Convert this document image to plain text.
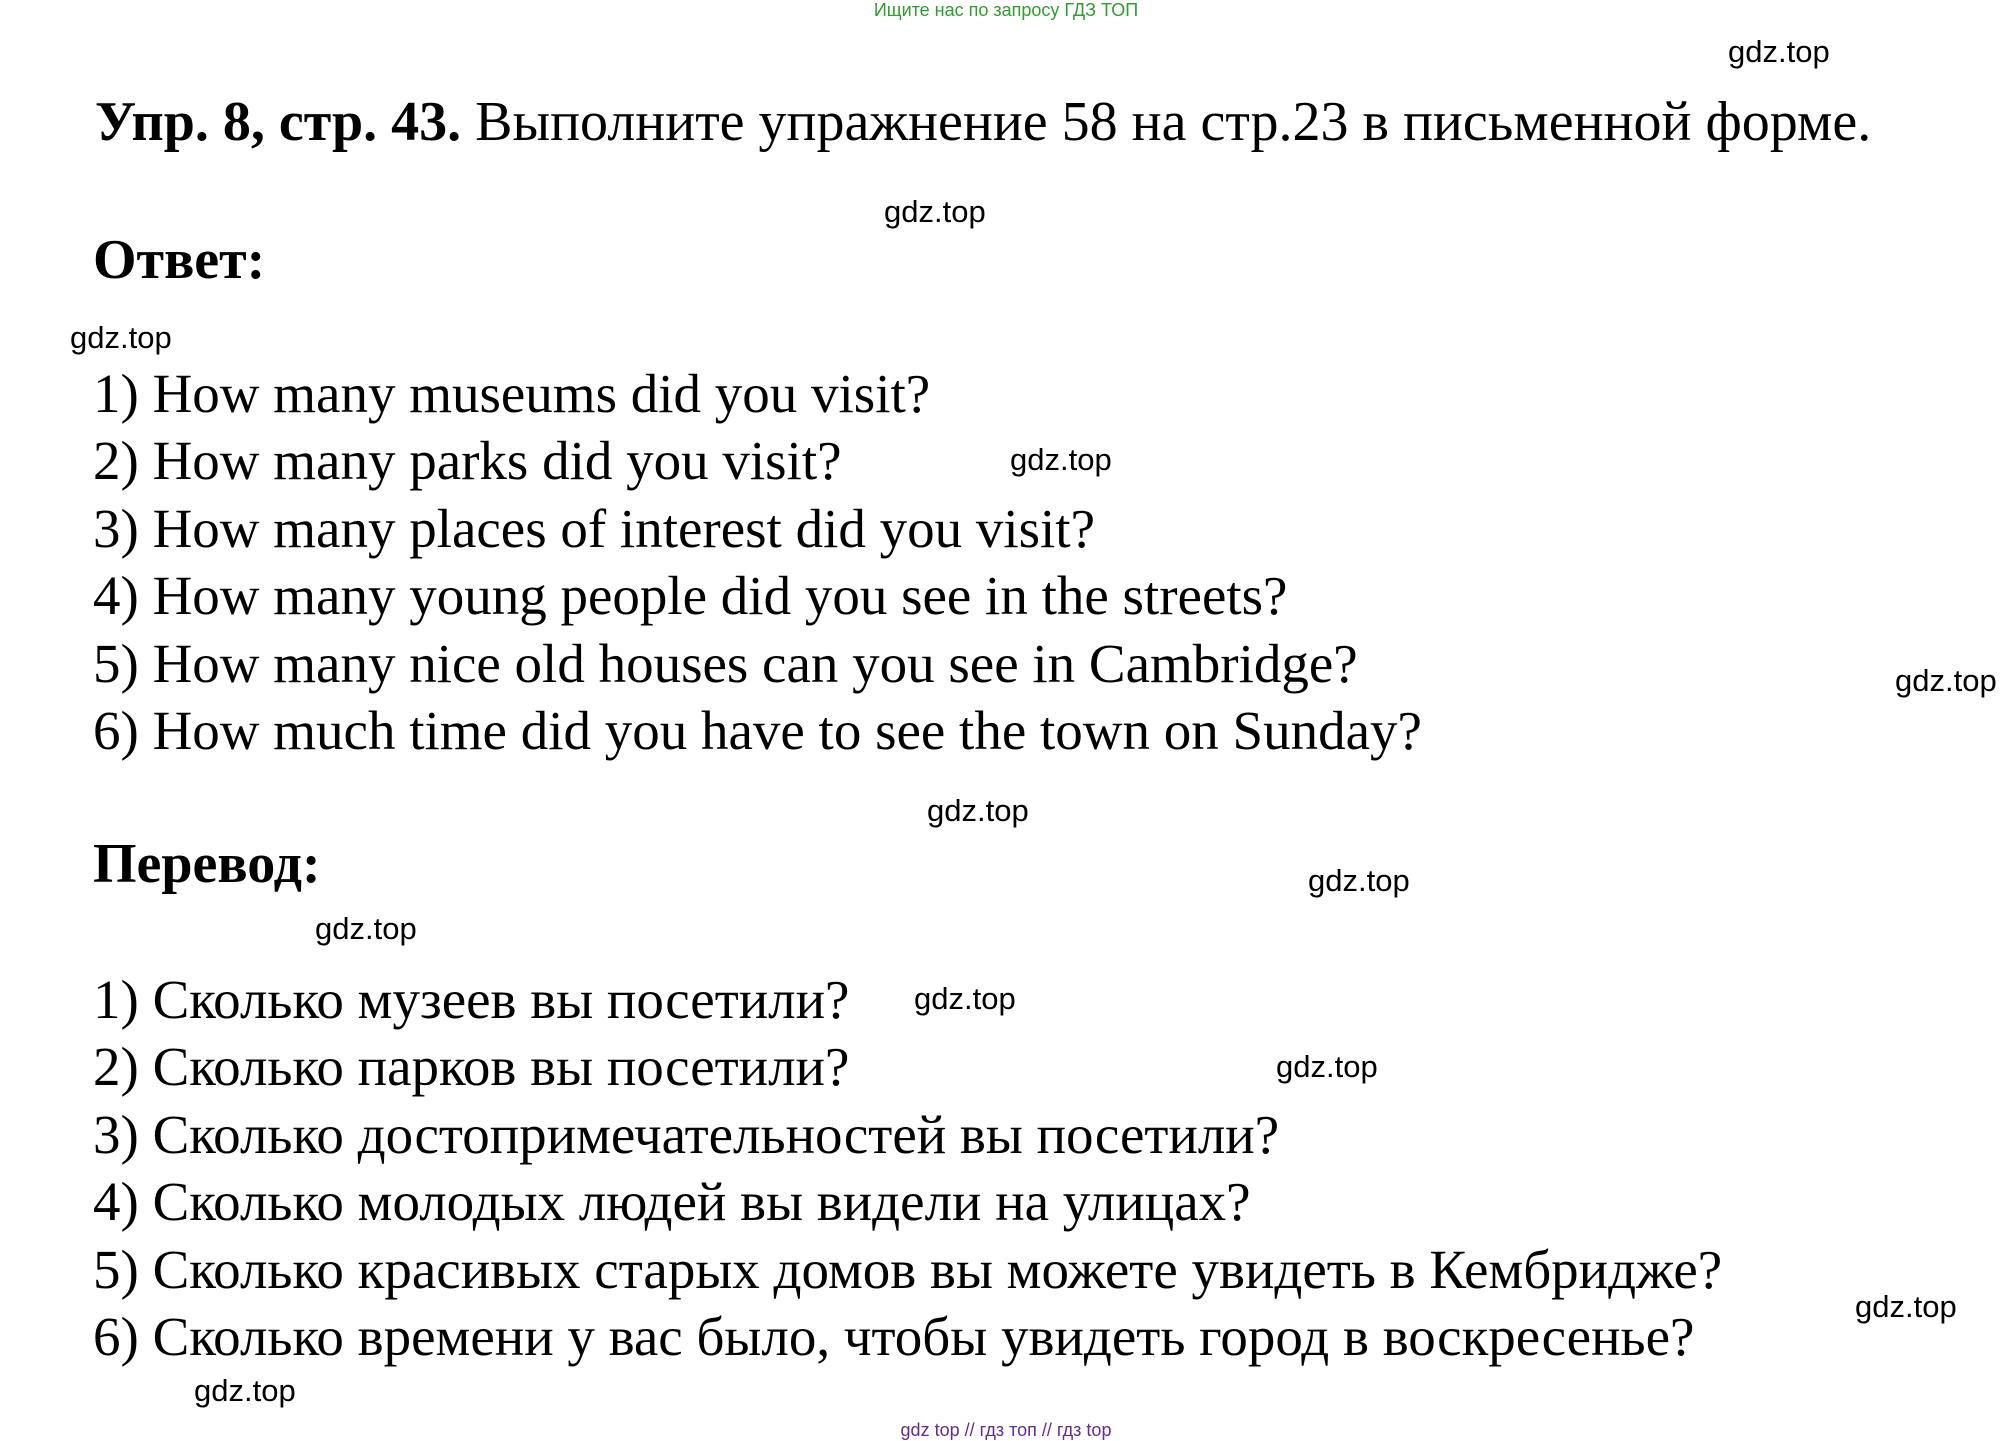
Ищите нас по запросу ГДЗ ТОП
gdz.top
Упр. 8, стр. 43. Выполните упражнение 58 на стр.23 в письменной форме.
gdz.top
Ответ:
gdz.top
1) How many museums did you visit?
2) How many parks did you visit?
3) How many places of interest did you visit?
4) How many young people did you see in the streets?
5) How many nice old houses can you see in Cambridge?
6) How much time did you have to see the town on Sunday?
gdz.top
gdz.top
gdz.top
Перевод:	gdz.top
gdz.top
1) Сколько музеев вы посетили?
2) Сколько парков вы посетили?
3) Сколько достопримечательностей вы посетили?
4) Сколько молодых людей вы видели на улицах?
5) Сколько красивых старых домов вы можете увидеть в Кембридже?
6) Сколько времени у вас было, чтобы увидеть город в воскресенье?
gdz.top
gdz.top
gdz.top
gdz.top
gdz top // гдз топ // гдз top
